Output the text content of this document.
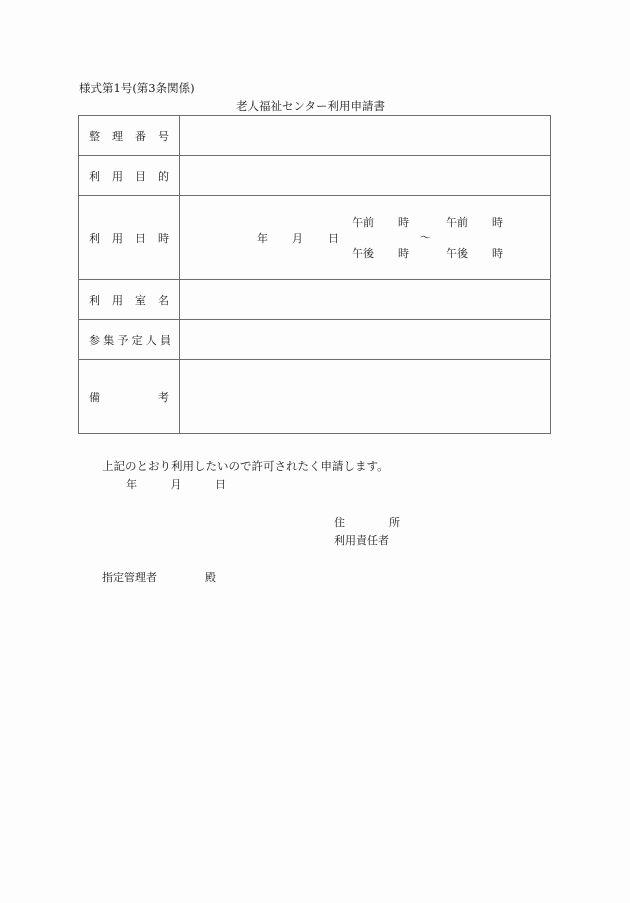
様式第1号(第3条関係)
老人福祉センター利用申請書
整 理 番 号	

利 用 目 的	

利 用 日 時	年 月 日
午前 時
午後 時
～
午前 時
午後 時

利 用 室 名	

参 集 予 定 人 員

備 考	

上記のとおり利用したいので許可されたく申請します。
年	月	日
住	所
利用責任者
指定管理者	殿
